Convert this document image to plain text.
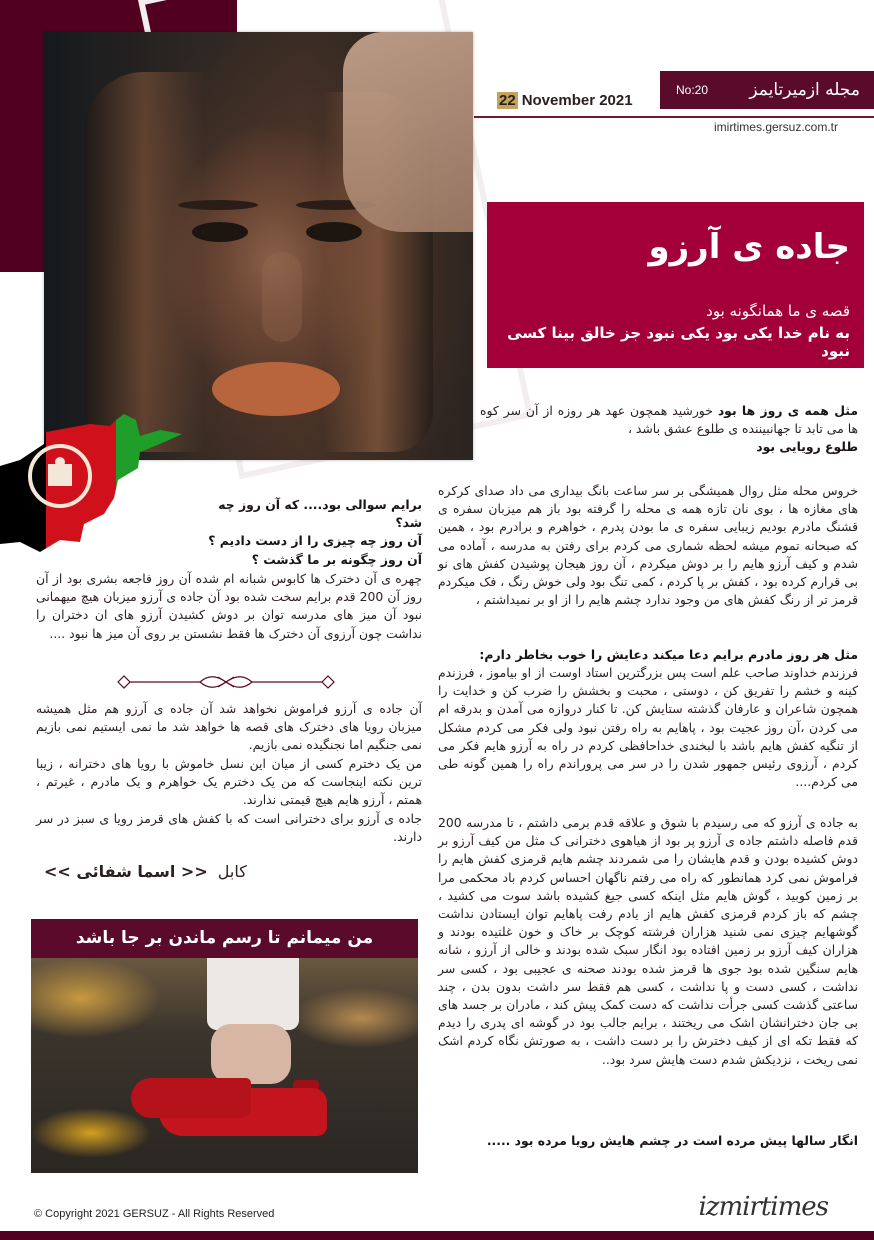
22 November 2021
No:20 مجله ازمیرتایمز
imirtimes.gersuz.com.tr
جاده ی آرزو
قصه ی ما همانگونه بود
به نام خدا یکی بود یکی نبود جز خالق بینا کسی نبود
مثل همه ی روز ها بود خورشید همچون عهد هر روزه از آن سر کوه ها می تابد تا جهانبیننده ی طلوع عشق باشد ،
طلوع رویایی بود

خروس محله مثل روال همیشگی بر سر ساعت بانگ بیداری می داد صدای کرکره های مغازه ها ، بوی نان تازه همه ی محله را گرفته بود باز هم میزبان سفره ی قشنگ مادرم بودیم زیبایی سفره ی ما بودن پدرم ، خواهرم و برادرم بود ، همین که صبحانه تموم میشه لحظه شماری می کردم برای رفتن به مدرسه ، آماده می شدم و کیف آرزو هایم را بر دوش میکردم ، آن روز هیجان پوشیدن کفش های نو بی قرارم کرده بود ، کفش بر پا کردم ، کمی تنگ بود ولی خوش رنگ ، فک میکردم قرمز تر از رنگ کفش های من وجود ندارد چشم هایم را از او بر نمیداشتم ،

مثل هر روز مادرم برایم دعا میکند دعایش را خوب بخاطر دارم:

فرزندم خداوند صاحب علم است پس بزرگترین استاد اوست از او بیاموز ، فرزندم کینه و خشم را تفریق کن ، دوستی ، محبت و بخشش را ضرب کن و خدایت را همچون شاعران و عارفان گذشته ستایش کن. تا کنار دروازه می آمدن و بدرقه ام می کردن ،آن روز عجیت بود ، پاهایم به راه رفتن نبود ولی فکر می کردم مشکل از تنگیه کفش هایم باشد با لبخندی خداحافظی کردم در راه به آرزو هایم فکر می کردم ، آرزوی رئیس جمهور شدن را در سر می پروراندم راه را همین گونه طی می کردم....

به جاده ی آرزو که می رسیدم با شوق و علاقه قدم برمی داشتم ، تا مدرسه 200 قدم فاصله داشتم جاده ی آرزو پر بود از هیاهوی دخترانی ک مثل من کیف آرزو بر دوش کشیده بودن و قدم هایشان را می شمردند چشم هایم قرمزی کفش هایم را فراموش نمی کرد همانطور که راه می رفتم ناگهان احساس کردم باد محکمی مرا بر زمین کوبید ، گوش هایم مثل اینکه کسی جیغ کشیده باشد سوت می کشید ، چشم که باز کردم قرمزی کفش هایم از یادم رفت پاهایم توان ایستادن نداشت گوشهایم چیزی نمی شنید هزاران فرشته کوچک بر خاک و خون غلتیده بودند و هزاران کیف آرزو بر زمین افتاده بود انگار سبک شده بودند و خالی از آرزو ، شانه هایم سنگین شده بود جوی ها قرمز شده بودند صحنه ی عجیبی بود ، کسی سر نداشت ، کسی دست و پا نداشت ، کسی هم فقط سر داشت بدون بدن ، چند ساعتی گذشت کسی جرأت نداشت که دست کمک پیش کند ، مادران بر جسد های بی جان دخترانشان اشک می ریختند ، برایم جالب بود در گوشه ای پدری را دیدم که فقط تکه ای از کیف دخترش را بر دست داشت ، به صورتش نگاه کردم اشک نمی ریخت ، نزدیکش شدم دست هایش سرد بود..

انگار سالها پیش مرده است در چشم هایش رویا مرده بود .....

برایم سوالی بود.... که آن روز چه شد؟
آن روز چه چیزی را از دست دادیم ؟
آن روز چگونه بر ما گذشت ؟

چهره ی آن دخترک ها کابوس شبانه ام شده آن روز فاجعه بشری بود از آن روز آن 200 قدم برایم سخت شده بود آن جاده ی آرزو میزبان هیچ میهمانی نبود آن میز های مدرسه توان بر دوش کشیدن آرزو های ان دختران را نداشت چون آرزوی آن دخترک ها فقط نشستن بر روی آن میز ها نبود ....

آن جاده ی آرزو فراموش نخواهد شد آن جاده ی آرزو هم مثل همیشه میزبان رویا های دخترک های قصه ها خواهد شد ما نمی ایستیم نمی بازیم نمی جنگیم اما نجنگیده نمی بازیم.

من یک دخترم کسی از میان این نسل خاموش با رویا های دخترانه ، زیبا ترین نکته اینجاست که من یک دخترم یک خواهرم و یک مادرم ، غیرتم ، همتم ، آرزو هایم هیچ قیمتی ندارند.

جاده ی آرزو برای دخترانی است که با کفش های قرمز رویا ی سبز در سر دارند.

کابل
<< اسما شفائی >>
من میمانم تا رسم ماندن بر جا باشد
© Copyright 2021 GERSUZ - All Rights Reserved	izmirtimes
